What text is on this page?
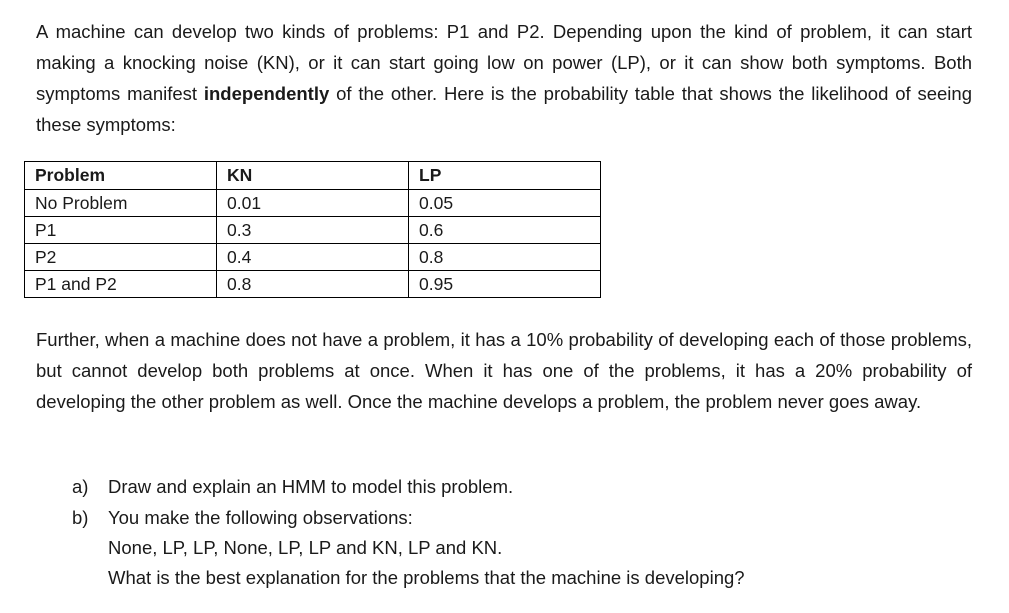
A machine can develop two kinds of problems: P1 and P2. Depending upon the kind of problem, it can start making a knocking noise (KN), or it can start going low on power (LP), or it can show both symptoms. Both symptoms manifest independently of the other. Here is the probability table that shows the likelihood of seeing these symptoms:

Problem	KN	LP
No Problem	0.01	0.05
P1	0.3	0.6
P2	0.4	0.8
P1 and P2	0.8	0.95

Further, when a machine does not have a problem, it has a 10% probability of developing each of those problems, but cannot develop both problems at once. When it has one of the problems, it has a 20% probability of developing the other problem as well. Once the machine develops a problem, the problem never goes away.

a)	Draw and explain an HMM to model this problem.
b)	You make the following observations:

None, LP, LP, None, LP, LP and KN, LP and KN.

What is the best explanation for the problems that the machine is developing?
